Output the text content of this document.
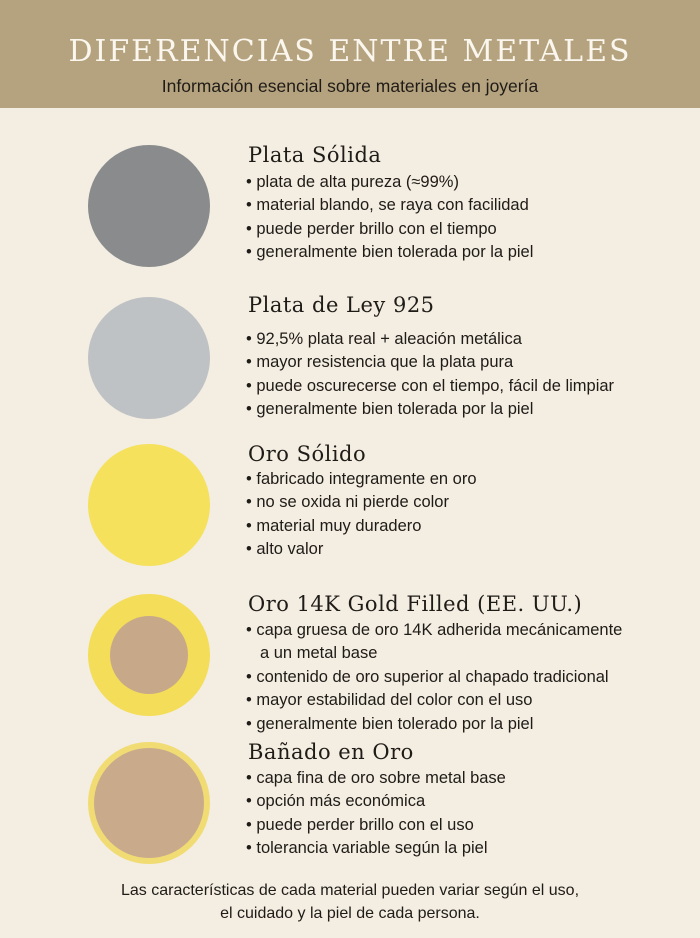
DIFERENCIAS ENTRE METALES
Información esencial sobre materiales en joyería
Plata Sólida
• plata de alta pureza (≈99%)
• material blando, se raya con facilidad
• puede perder brillo con el tiempo
• generalmente bien tolerada por la piel
Plata de Ley 925
• 92,5% plata real + aleación metálica
• mayor resistencia que la plata pura
• puede oscurecerse con el tiempo, fácil de limpiar
• generalmente bien tolerada por la piel
Oro Sólido
• fabricado integramente en oro
• no se oxida ni pierde color
• material muy duradero
• alto valor
Oro 14K Gold Filled (EE. UU.)
• capa gruesa de oro 14K adherida mecánicamente
a un metal base
• contenido de oro superior al chapado tradicional
• mayor estabilidad del color con el uso
• generalmente bien tolerado por la piel
Bañado en Oro
• capa fina de oro sobre metal base
• opción más económica
• puede perder brillo con el uso
• tolerancia variable según la piel
Las características de cada material pueden variar según el uso,
el cuidado y la piel de cada persona.
